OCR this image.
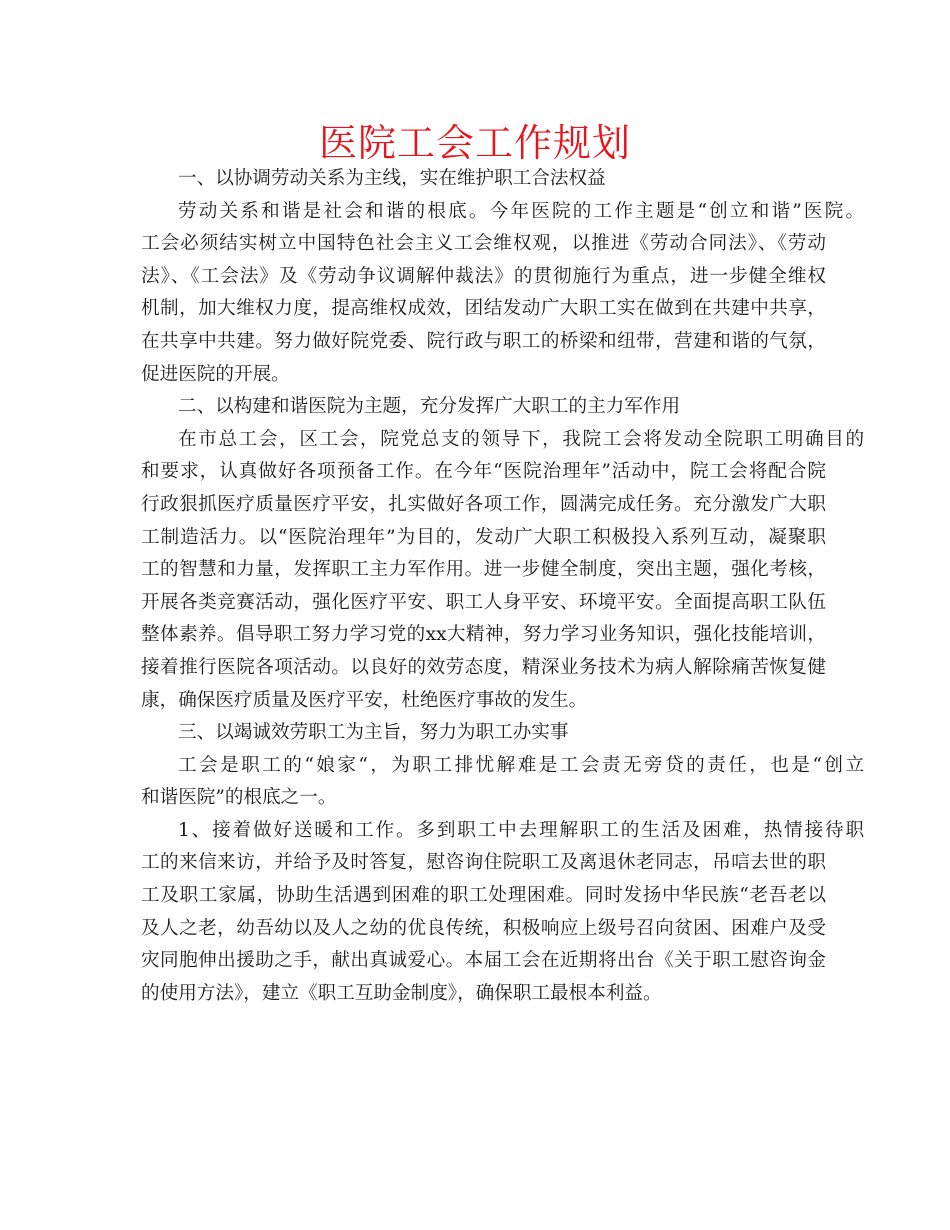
医院工会工作规划
一、以协调劳动关系为主线，实在维护职工合法权益
劳动关系和谐是社会和谐的根底。今年医院的工作主题是“创立和谐”医院。
工会必须结实树立中国特色社会主义工会维权观，以推进《劳动合同法》、《劳动
法》、《工会法》及《劳动争议调解仲裁法》的贯彻施行为重点，进一步健全维权
机制，加大维权力度，提高维权成效，团结发动广大职工实在做到在共建中共享，
在共享中共建。努力做好院党委、院行政与职工的桥梁和纽带，营建和谐的气氛，
促进医院的开展。
二、以构建和谐医院为主题，充分发挥广大职工的主力军作用
在市总工会，区工会，院党总支的领导下，我院工会将发动全院职工明确目的
和要求，认真做好各项预备工作。在今年“医院治理年”活动中，院工会将配合院
行政狠抓医疗质量医疗平安，扎实做好各项工作，圆满完成任务。充分激发广大职
工制造活力。以“医院治理年”为目的，发动广大职工积极投入系列互动，凝聚职
工的智慧和力量，发挥职工主力军作用。进一步健全制度，突出主题，强化考核，
开展各类竞赛活动，强化医疗平安、职工人身平安、环境平安。全面提高职工队伍
整体素养。倡导职工努力学习党的xx大精神，努力学习业务知识，强化技能培训，
接着推行医院各项活动。以良好的效劳态度，精深业务技术为病人解除痛苦恢复健
康，确保医疗质量及医疗平安，杜绝医疗事故的发生。
三、以竭诚效劳职工为主旨，努力为职工办实事
工会是职工的“娘家“，为职工排忧解难是工会责无旁贷的责任，也是“创立
和谐医院”的根底之一。
1、接着做好送暖和工作。多到职工中去理解职工的生活及困难，热情接待职
工的来信来访，并给予及时答复，慰咨询住院职工及离退休老同志，吊唁去世的职
工及职工家属，协助生活遇到困难的职工处理困难。同时发扬中华民族“老吾老以
及人之老，幼吾幼以及人之幼的优良传统，积极响应上级号召向贫困、困难户及受
灾同胞伸出援助之手，献出真诚爱心。本届工会在近期将出台《关于职工慰咨询金
的使用方法》，建立《职工互助金制度》，确保职工最根本利益。
